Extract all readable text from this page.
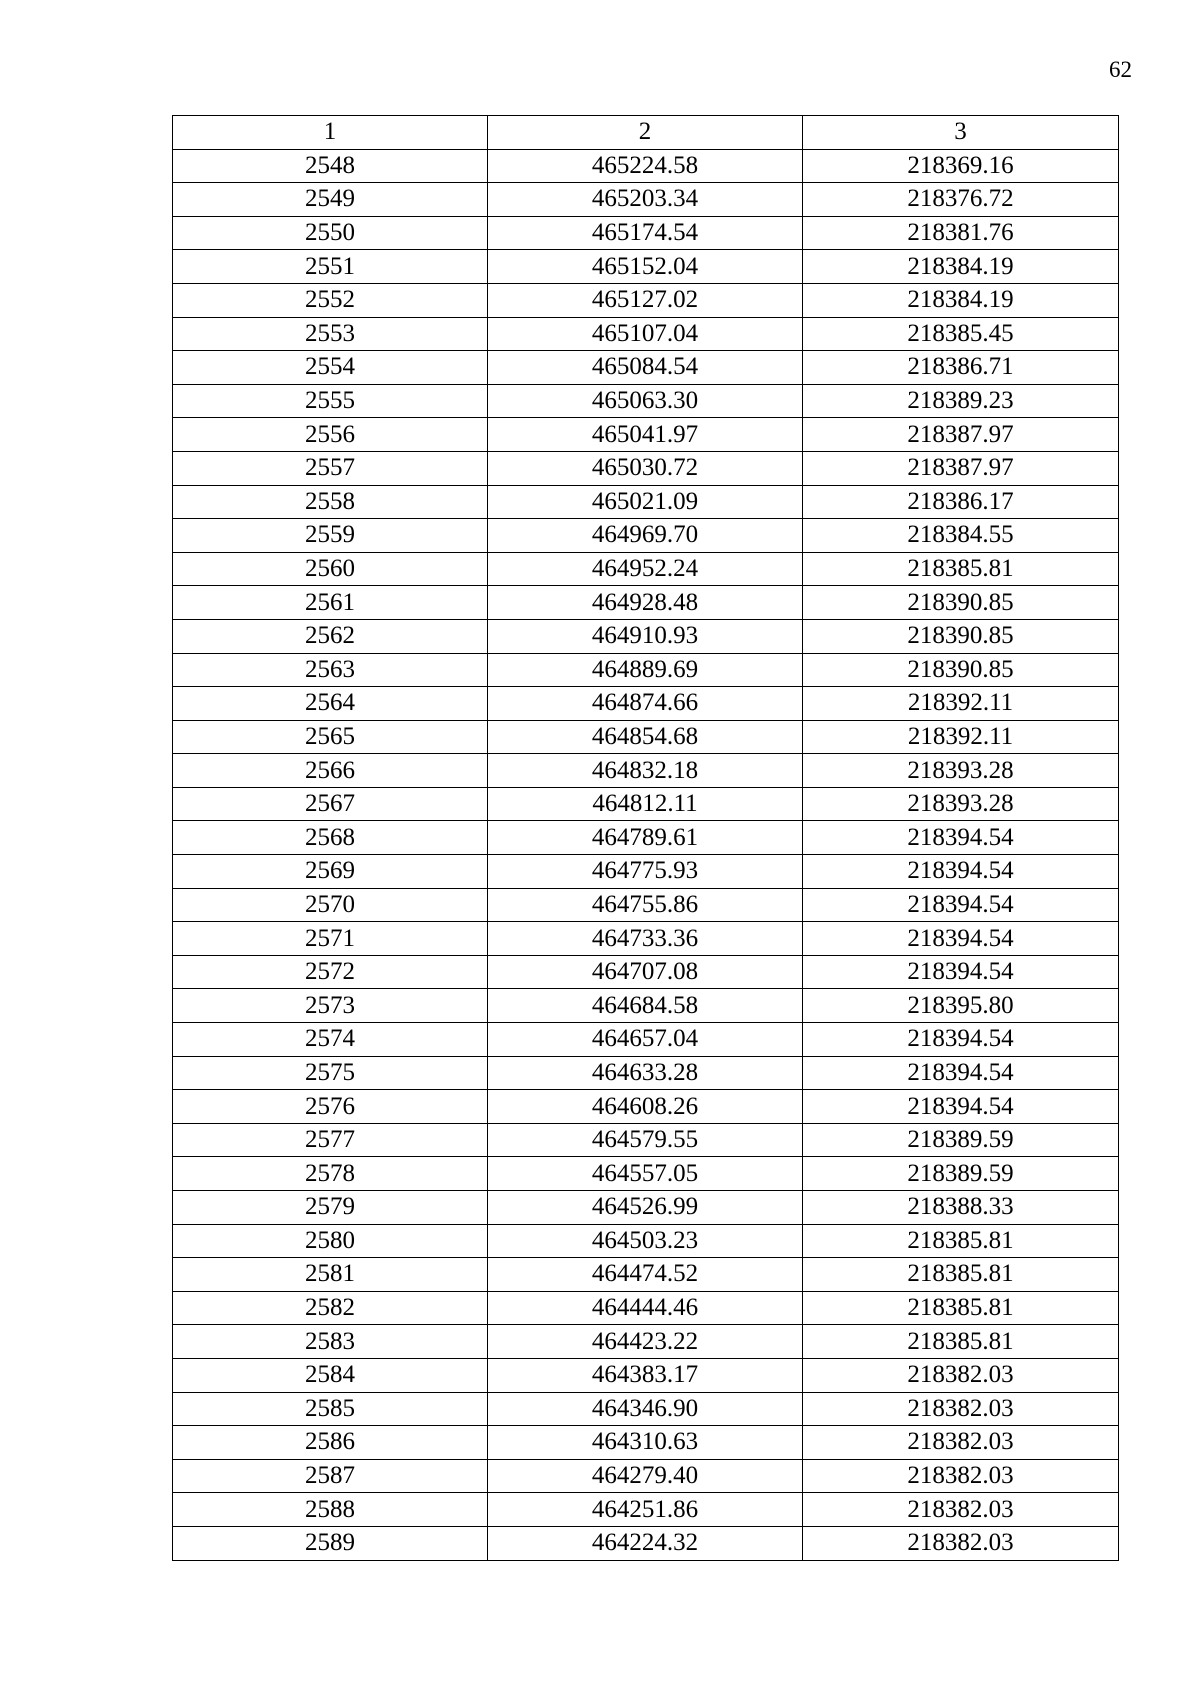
62
1	2	3
2548	465224.58	218369.16
2549	465203.34	218376.72
2550	465174.54	218381.76
2551	465152.04	218384.19
2552	465127.02	218384.19
2553	465107.04	218385.45
2554	465084.54	218386.71
2555	465063.30	218389.23
2556	465041.97	218387.97
2557	465030.72	218387.97
2558	465021.09	218386.17
2559	464969.70	218384.55
2560	464952.24	218385.81
2561	464928.48	218390.85
2562	464910.93	218390.85
2563	464889.69	218390.85
2564	464874.66	218392.11
2565	464854.68	218392.11
2566	464832.18	218393.28
2567	464812.11	218393.28
2568	464789.61	218394.54
2569	464775.93	218394.54
2570	464755.86	218394.54
2571	464733.36	218394.54
2572	464707.08	218394.54
2573	464684.58	218395.80
2574	464657.04	218394.54
2575	464633.28	218394.54
2576	464608.26	218394.54
2577	464579.55	218389.59
2578	464557.05	218389.59
2579	464526.99	218388.33
2580	464503.23	218385.81
2581	464474.52	218385.81
2582	464444.46	218385.81
2583	464423.22	218385.81
2584	464383.17	218382.03
2585	464346.90	218382.03
2586	464310.63	218382.03
2587	464279.40	218382.03
2588	464251.86	218382.03
2589	464224.32	218382.03
